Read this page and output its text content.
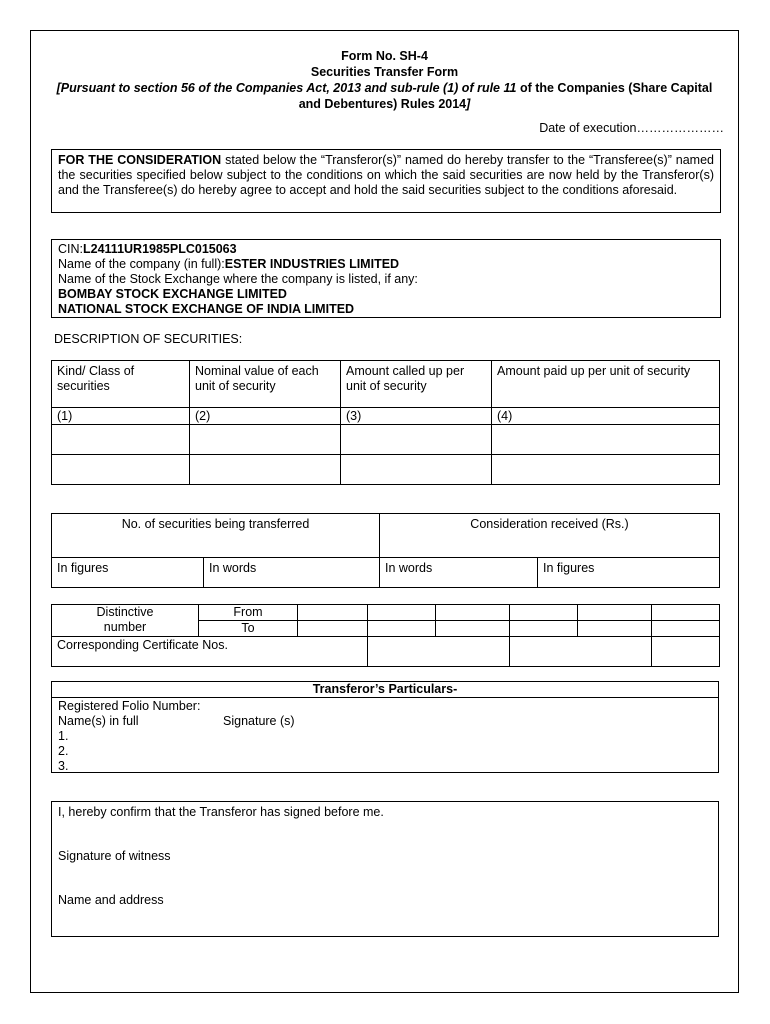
Form No. SH-4
Securities Transfer Form
[Pursuant to section 56 of the Companies Act, 2013 and sub-rule (1) of rule 11 of the Companies (Share Capital
and Debentures) Rules 2014]
Date of execution…………………
FOR THE CONSIDERATION stated below the “Transferor(s)” named do hereby transfer to the “Transferee(s)” named the securities specified below subject to the conditions on which the said securities are now held by the Transferor(s) and the Transferee(s) do hereby agree to accept and hold the said securities subject to the conditions aforesaid.
CIN:L24111UR1985PLC015063
Name of the company (in full):ESTER INDUSTRIES LIMITED
Name of the Stock Exchange where the company is listed, if any:
BOMBAY STOCK EXCHANGE LIMITED
NATIONAL STOCK EXCHANGE OF INDIA LIMITED
DESCRIPTION OF SECURITIES:
Kind/ Class of securities	Nominal value of each unit of security	Amount called up per unit of security	Amount paid up per unit of security
(1)	(2)	(3)	(4)

No. of securities being transferred		Consideration received (Rs.)	
In figures	In words	In words	In figures
Distinctive number	From						
	To						
Corresponding Certificate Nos.							
Transferor’s Particulars-
Registered Folio Number:
Name(s) in full	Signature (s)
1.
2.
3.
I, hereby confirm that the Transferor has signed before me.
Signature of witness
Name and address
